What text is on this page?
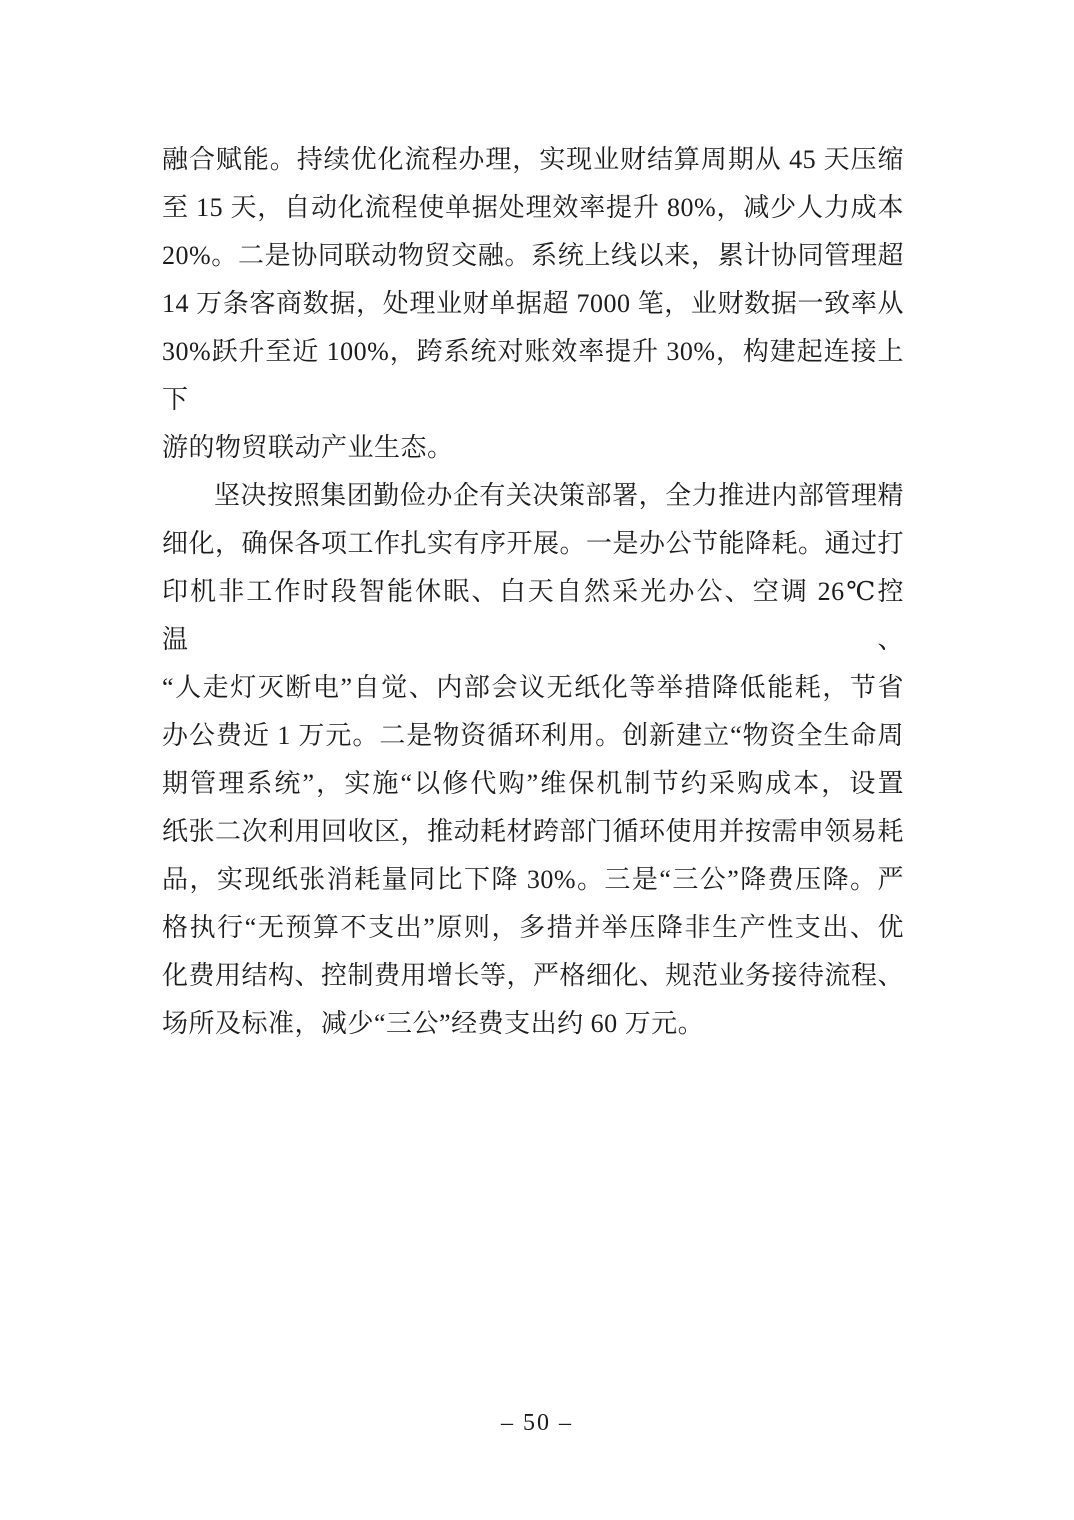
融合赋能。持续优化流程办理，实现业财结算周期从 45 天压缩
至 15 天，自动化流程使单据处理效率提升 80%，减少人力成本
20%。二是协同联动物贸交融。系统上线以来，累计协同管理超
14 万条客商数据，处理业财单据超 7000 笔，业财数据一致率从
30%跃升至近 100%，跨系统对账效率提升 30%，构建起连接上下
游的物贸联动产业生态。
坚决按照集团勤俭办企有关决策部署，全力推进内部管理精
细化，确保各项工作扎实有序开展。一是办公节能降耗。通过打
印机非工作时段智能休眠、白天自然采光办公、空调 26℃控温、
“人走灯灭断电”自觉、内部会议无纸化等举措降低能耗，节省
办公费近 1 万元。二是物资循环利用。创新建立“物资全生命周
期管理系统”，实施“以修代购”维保机制节约采购成本，设置
纸张二次利用回收区，推动耗材跨部门循环使用并按需申领易耗
品，实现纸张消耗量同比下降 30%。三是“三公”降费压降。严
格执行“无预算不支出”原则，多措并举压降非生产性支出、优
化费用结构、控制费用增长等，严格细化、规范业务接待流程、
场所及标准，减少“三公”经费支出约 60 万元。
– 50 –
